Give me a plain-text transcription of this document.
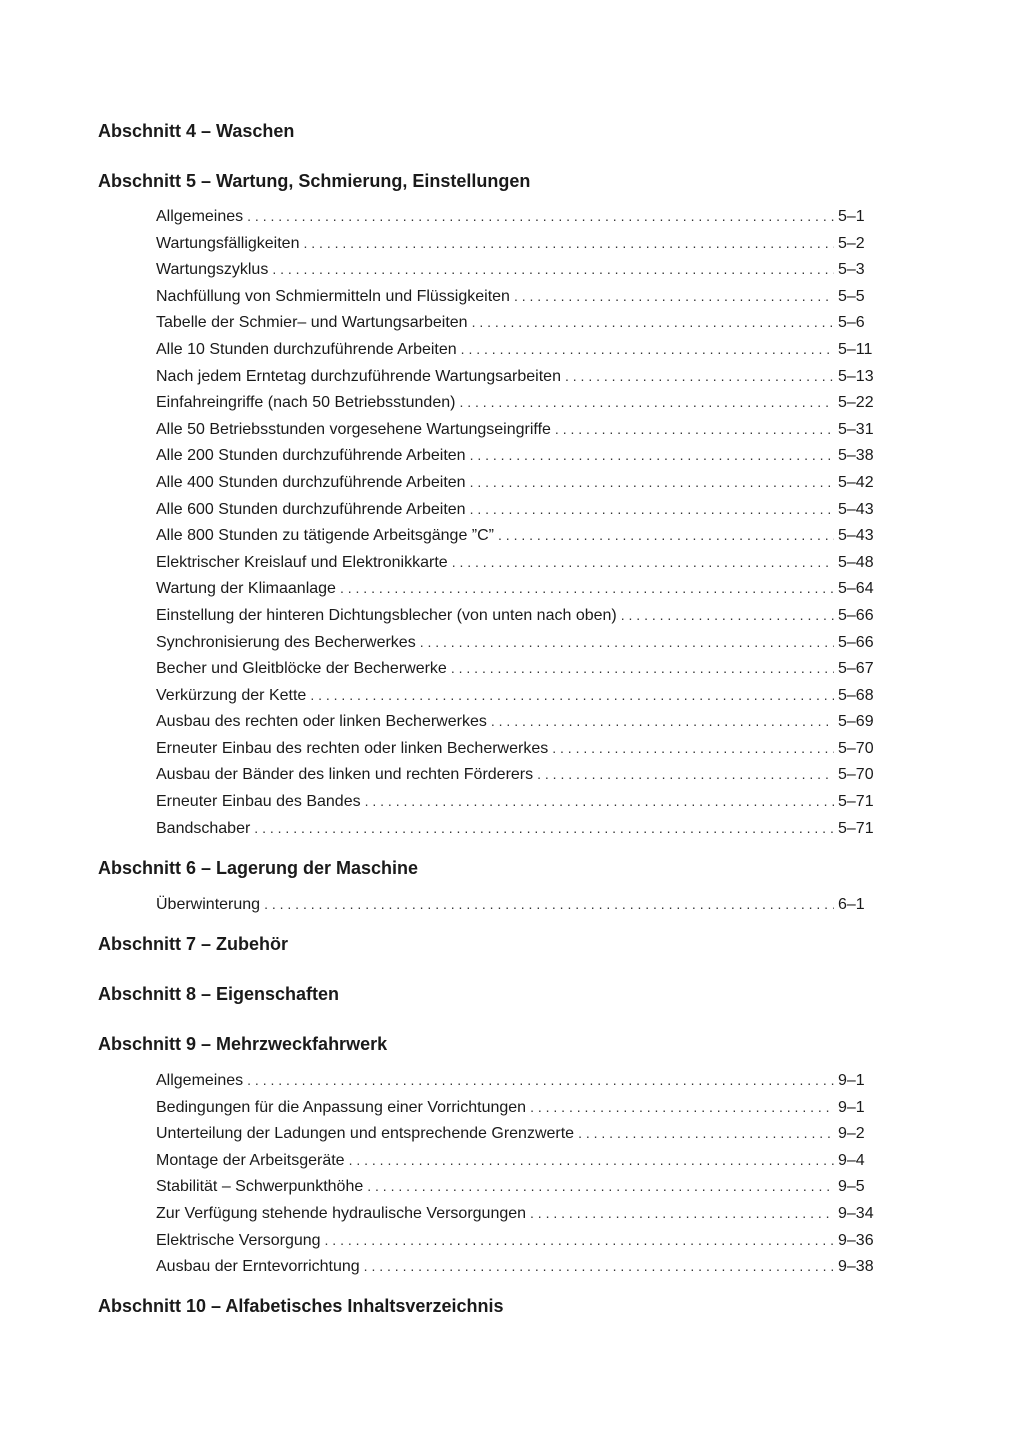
Abschnitt 4 – Waschen
Abschnitt 5 – Wartung, Schmierung, Einstellungen
Allgemeines . . .	5–1
Wartungsfälligkeiten . . .	5–2
Wartungszyklus . . .	5–3
Nachfüllung von Schmiermitteln und Flüssigkeiten . . .	5–5
Tabelle der Schmier– und Wartungsarbeiten . . .	5–6
Alle 10 Stunden durchzuführende Arbeiten . . .	5–11
Nach jedem Erntetag durchzuführende Wartungsarbeiten . . .	5–13
Einfahreingriffe (nach 50 Betriebsstunden) . . .	5–22
Alle 50 Betriebsstunden vorgesehene Wartungseingriffe . . .	5–31
Alle 200 Stunden durchzuführende Arbeiten . . .	5–38
Alle 400 Stunden durchzuführende Arbeiten . . .	5–42
Alle 600 Stunden durchzuführende Arbeiten . . .	5–43
Alle 800 Stunden zu tätigende Arbeitsgänge ”C” . . .	5–43
Elektrischer Kreislauf und Elektronikkarte . . .	5–48
Wartung der Klimaanlage . . .	5–64
Einstellung der hinteren Dichtungsblecher (von unten nach oben) . . .	5–66
Synchronisierung des Becherwerkes . . .	5–66
Becher und Gleitblöcke der Becherwerke . . .	5–67
Verkürzung der Kette . . .	5–68
Ausbau des rechten oder linken Becherwerkes . . .	5–69
Erneuter Einbau des rechten oder linken Becherwerkes . . .	5–70
Ausbau der Bänder des linken und rechten Förderers . . .	5–70
Erneuter Einbau des Bandes . . .	5–71
Bandschaber . . .	5–71
Abschnitt 6 – Lagerung der Maschine
Überwinterung . . .	6–1
Abschnitt 7 – Zubehör
Abschnitt 8 – Eigenschaften
Abschnitt 9 – Mehrzweckfahrwerk
Allgemeines . . .	9–1
Bedingungen für die Anpassung einer Vorrichtungen . . .	9–1
Unterteilung der Ladungen und entsprechende Grenzwerte . . .	9–2
Montage der Arbeitsgeräte . . .	9–4
Stabilität – Schwerpunkthöhe . . .	9–5
Zur Verfügung stehende hydraulische Versorgungen . . .	9–34
Elektrische Versorgung . . .	9–36
Ausbau der Erntevorrichtung . . .	9–38
Abschnitt 10 – Alfabetisches Inhaltsverzeichnis
